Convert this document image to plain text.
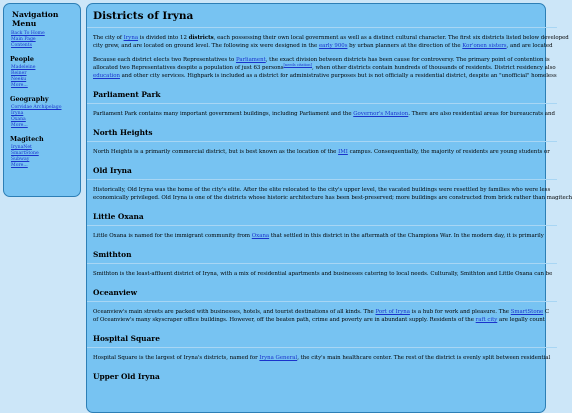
Navigation Menu
Back To Home
Main Page
Contents
People
Madeleine
Reiner
Neeku
More...
Geography
Corvidae Archipelago
Iryna
Oxana
More...
Magitech
IrynaNet
SmartStone
Subway
More...
Districts of Iryna

The city of Iryna is divided into 12 districts, each possessing their own local government as well as a distinct cultural character. The first six districts listed below developed
city grew, and are located on ground level. The following six were designed in the early 900s by urban planners at the direction of the Kor'onen sisters, and are located

Because each district elects two Representatives to Parliament, the exact division between districts has been cause for controversy. The primary point of contention is
allocated two Representatives despite a population of just 63 persons[needs citation], when other districts contain hundreds of thousands of residents. District residency also
education and other city services. Highpark is included as a district for administrative purposes but is not officially a residential district, despite an "unofficial" homeless

Parliament Park

Parliament Park contains many important government buildings, including Parliament and the Governor's Mansion. There are also residential areas for bureaucrats and

North Heights

North Heights is a primarily commercial district, but is best known as the location of the IMI campus. Consequentially, the majority of residents are young students or

Old Iryna

Historically, Old Iryna was the home of the city's elite. After the elite relocated to the city's upper level, the vacated buildings were resettled by families who were less
economically privileged. Old Iryna is one of the districts whose historic architecture has been best-preserved; more buildings are constructed from brick rather than magitech

Little Oxana

Little Oxana is named for the immigrant community from Oxana that settled in this district in the aftermath of the Champions War. In the modern day, it is primarily

Smithton

Smithton is the least-affluent district of Iryna, with a mix of residential apartments and businesses catering to local needs. Culturally, Smithton and Little Oxana can be

Oceanview

Oceanview's main streets are packed with businesses, hotels, and tourist destinations of all kinds. The Port of Iryna is a hub for work and pleasure. The SmartStone C
of Oceanview's many skyscraper office buildings. However, off the beaten path, crime and poverty are in abundant supply. Residents of the raft city are legally count

Hospital Square

Hospital Square is the largest of Iryna's districts, named for Iryna General, the city's main healthcare center. The rest of the district is evenly split between residential

Upper Old Iryna
